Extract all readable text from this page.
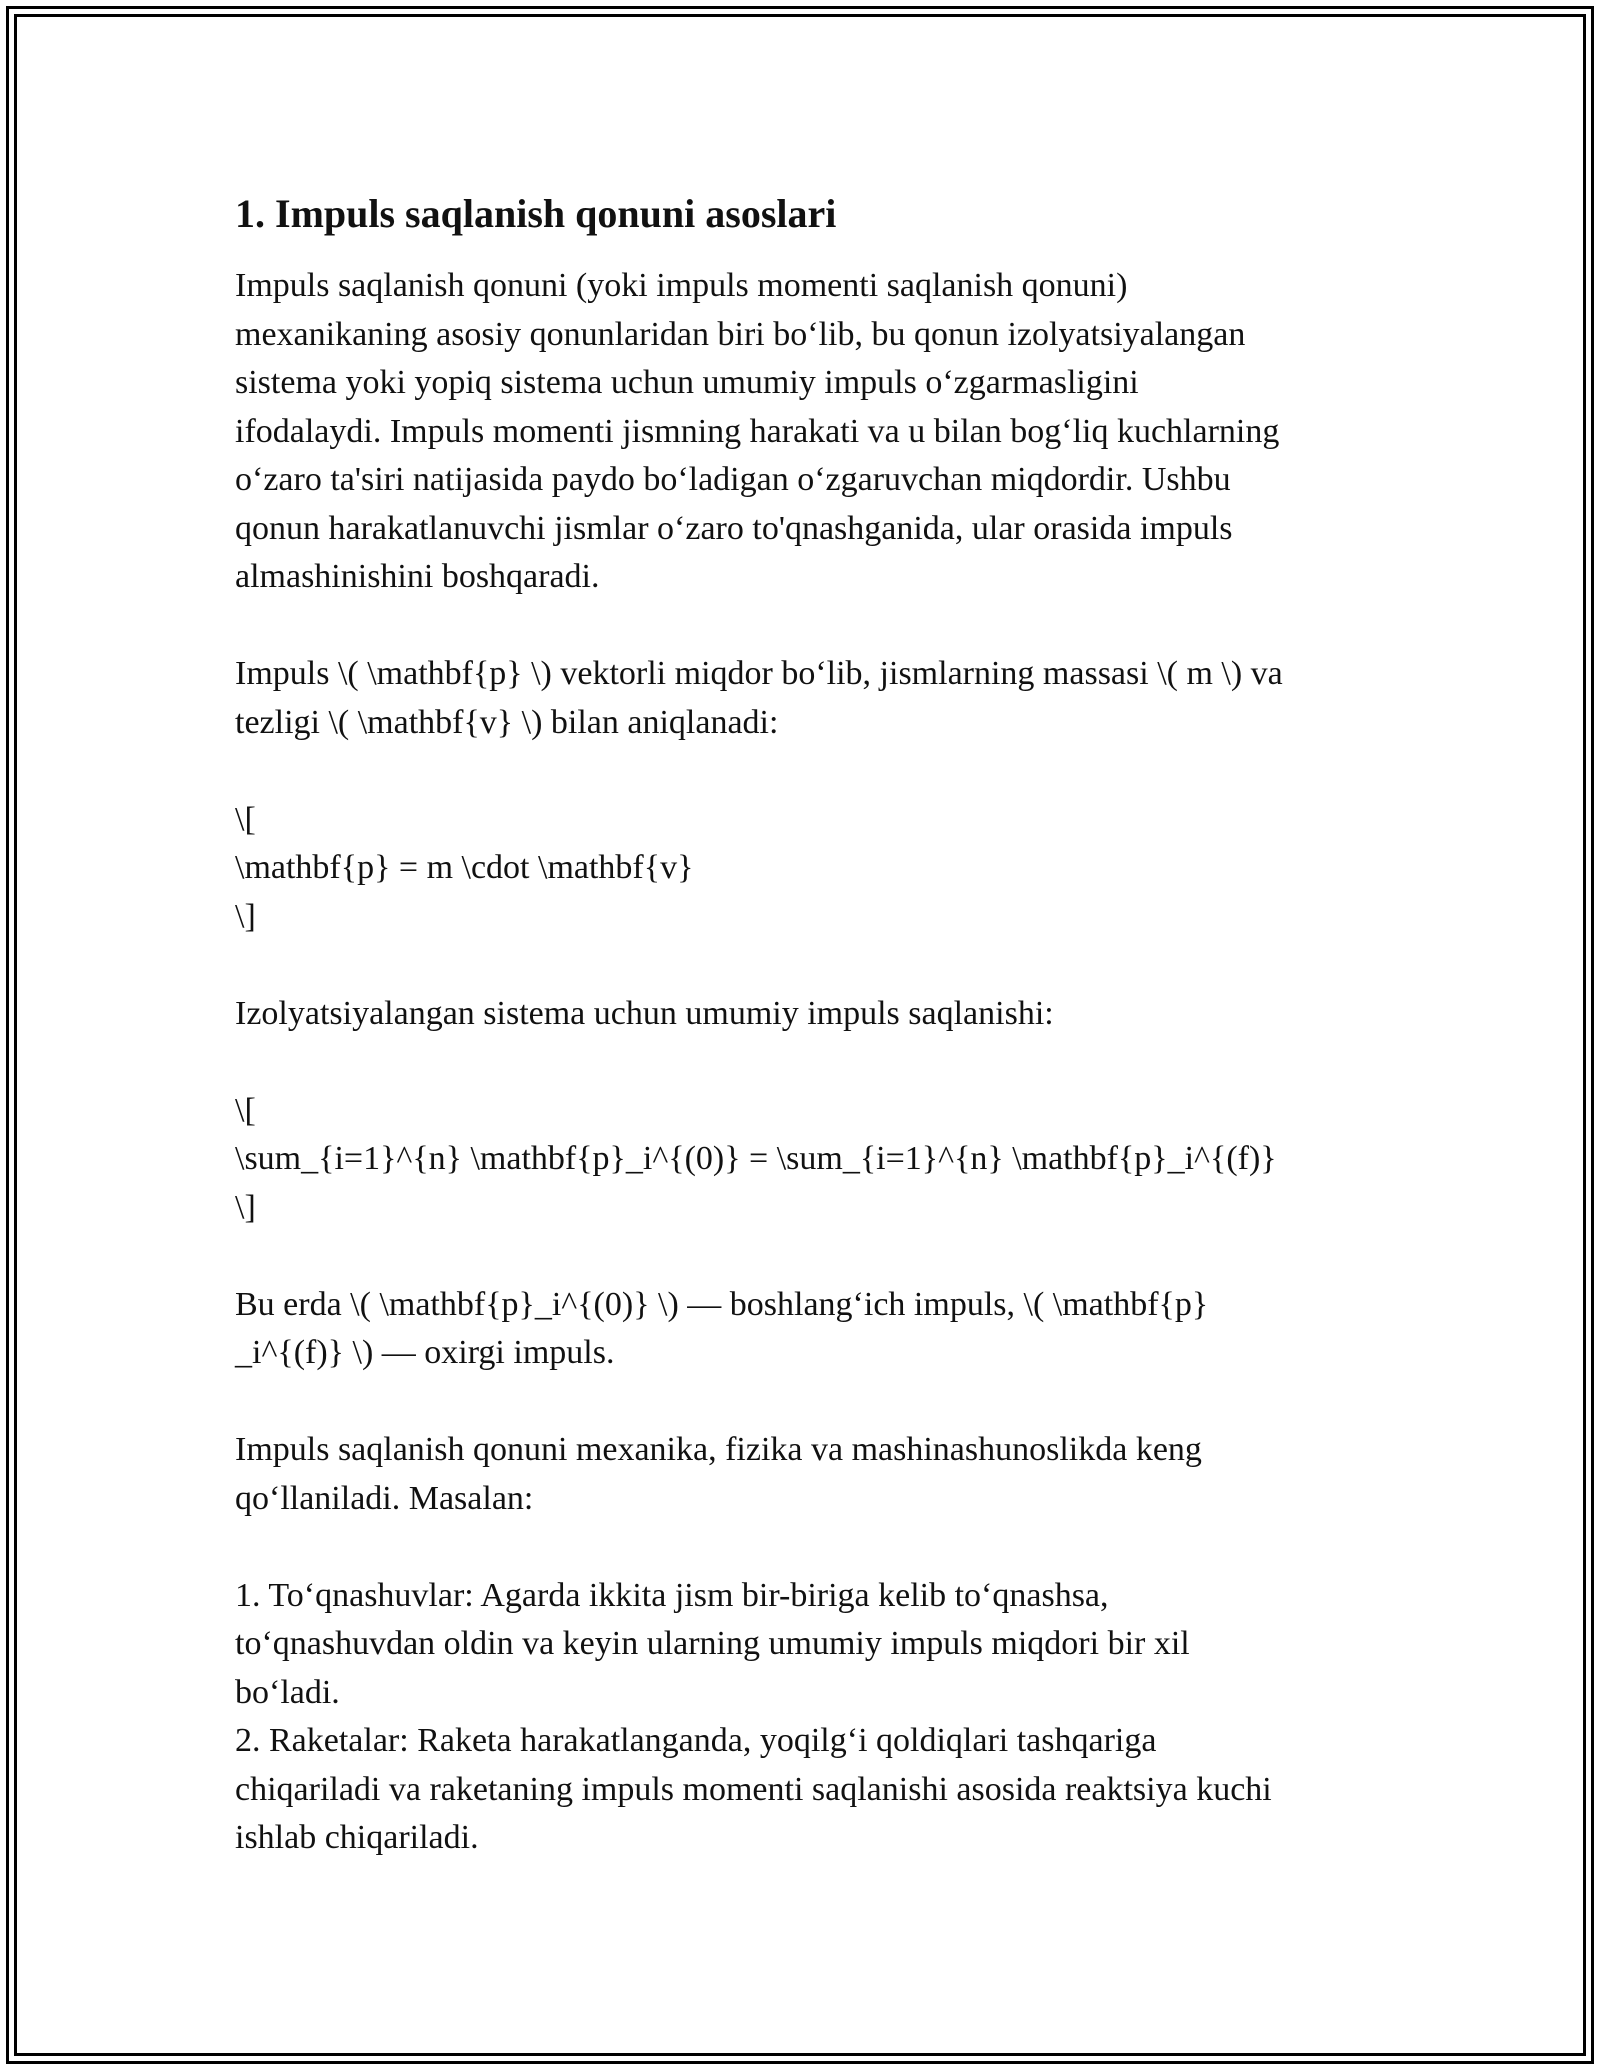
1. Impuls saqlanish qonuni asoslari
Impuls saqlanish qonuni (yoki impuls momenti saqlanish qonuni)
mexanikaning asosiy qonunlaridan biri bo‘lib, bu qonun izolyatsiyalangan
sistema yoki yopiq sistema uchun umumiy impuls o‘zgarmasligini
ifodalaydi. Impuls momenti jismning harakati va u bilan bog‘liq kuchlarning
o‘zaro ta'siri natijasida paydo bo‘ladigan o‘zgaruvchan miqdordir. Ushbu
qonun harakatlanuvchi jismlar o‘zaro to'qnashganida, ular orasida impuls
almashinishini boshqaradi.
Impuls \( \mathbf{p} \) vektorli miqdor bo‘lib, jismlarning massasi \( m \) va
tezligi \( \mathbf{v} \) bilan aniqlanadi:
\[
\mathbf{p} = m \cdot \mathbf{v}
\]
Izolyatsiyalangan sistema uchun umumiy impuls saqlanishi:
\[
\sum_{i=1}^{n} \mathbf{p}_i^{(0)} = \sum_{i=1}^{n} \mathbf{p}_i^{(f)}
\]
Bu erda \( \mathbf{p}_i^{(0)} \) — boshlang‘ich impuls, \( \mathbf{p}
_i^{(f)} \) — oxirgi impuls.
Impuls saqlanish qonuni mexanika, fizika va mashinashunoslikda keng
qo‘llaniladi. Masalan:
1. To‘qnashuvlar: Agarda ikkita jism bir-biriga kelib to‘qnashsa,
to‘qnashuvdan oldin va keyin ularning umumiy impuls miqdori bir xil
bo‘ladi.
2. Raketalar: Raketa harakatlanganda, yoqilg‘i qoldiqlari tashqariga
chiqariladi va raketaning impuls momenti saqlanishi asosida reaktsiya kuchi
ishlab chiqariladi.
